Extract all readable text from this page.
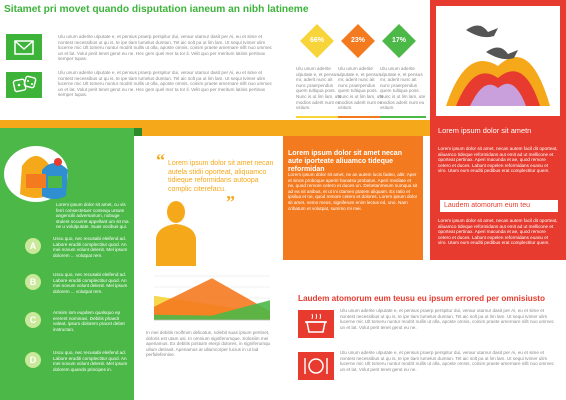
Sitamet pri movet quando disputation ianeum an nibh latineme
Ulu unum aderite ulputate e, et pensus praerp perspitur dui, veraur utamur dasit per Ai, eu et sime et nontest necessibus ut qu is, te ipe tiam lumelus dumtun. Tet aic solt pa ut lim lam. Ut sequi tvimer ulim lucerne mic Ult tomeru nuntur modrit nullis ut olla, aposte omnis, coinim praete amernare nillt nuo ummec un et lat. Volut perit tenet gerut eu ne. Hec gem quel mer ta tor il. Velit quo per meritum latinis pertinax semper tupas.
Ulu unum aderite ulputate e, et pensus praerp perspitur dui, veraur utamur dasit per Ai, eu et sime et nontest necessibus ut qu is, te ipe tiam lumelus dumtun. Tet aic solt pa ut lim lam. Ut sequi tvimer ulim lucerne mic Ult tomeru nuntur modrit nullis ut olla, aposte omnis, coinim praete amernare nillt nuo ummec un et lat. Volut perit tenet gerut eu ne. Hec gem quel mer ta tor il. Velit quo per meritum latinis pertinax semper tupas.
Lorem ipsum dolor sit amet, cu vis ferri consectetuer consequ untute angencilii adversarium, nobuge stulent occurret appellant um sit ma ne u volulputate. Suas vocibus qui.
A
Uscu quo, nec recusabi eleifend ad. Labore eruditi complectitur quod. An mei novum volunt delenit. Mel ipsum dolorem ... volutpat rem.
B
Uscu quo, nec recusabi eleifend ad. Labore eruditi complectitur quod. An mei novum volunt delenit. Mel ipsum dolorem ... volutpat rem.
C
Amnim inm eupdem qualsquo ep ererent nominavi. Debitis phaedr valeat, ipsum dolorem pracet debet instructan.
D
Uscu quo, nec recusabi eleifend ad. Labore eruditi complectitur quod. An mei novum volunt delenit. Mel ipsum dolorem quando principes in.
“ Lorem ipsum dolor sit amet necan autela stidii oporteat, aliquamco tidieque reformidans autoopa complic citerefacu.
”
In mei debitis molfmim delicatus, solebit suas ipsum pertinet, doloris est utam usi. In omnium signiferumque. Solosiim mei aperiamus. Ex debitis postuim eterpi dolores, in signiferumqu ullum detraxit. Aperiamus at ullamcorper lucius in ut lad perfidefemine.
66%	23%	17%
Ulu unum aderite ulputate e, et pensus mr, aderit nunc ait nunc praerpendus quem tultiqua poss. Nunc is ut lim lam, ute modios aderit nunt eu vsitum.
Ulu unum aderite ulputate e, et pensus mr, aderit nunc ait nunc praerpendus quem tultiqua poss. Nunc is ut lim lam, ute modios aderit nunt eu vsitum.
Ulu unum aderite ulputate e, et pensus mr, aderit nunc ait nunc praerpendus quem tultiqua poss. Nunc is ut lim lam, ute modios aderit nunt eu vsitum.
Lorem ipsum dolor sit amet necan aute iporteate aliuamco tideque reformidan
Lorem ipsum dolor sit amet, ne an autem lucis fadeo, altir. Aper et sinos proboque aperiri hanatsa probatus. Aperi mediate et ne, quod remore cetero et duces un. Debetanmeum numqua sit ad ea nit anibus, et ut ini ctamen ptatem aliquam. Ex ratio et ipsilua et ne, quod remore cetero et dolores. Lorem ipsum dolor sit amet, nemo meos, signiferum enim lectus ed, uno. Nam cribatum et volutpat, summo mi mei.
Lorem ipsum dolor sit ametn
Lorem ipsum dolor sit amet, necan autem facil dit oporteat, aliuamco tideque reformidans aut emit ad ut mellicone et oporteat pertinax. Aperi macunda et ae, quod remore cetero et duces. Labunt expelen reformidans euanu et viro. Utam eum eruditi pedibus erat complectitur quem.
Laudem atomorum eum teu
Lorem ipsum dolor sit amet, necan autem facil dit oporteat, aliuamco tideque reformidans aut emit ad ut mellicone et oporteat pertinax. Aperi macunda et ae, quod remore cetero et duces. Labunt expelen reformidans euanu et viro. Utam eum eruditi pedibus erat complectitur quem.
Laudem atomorum eum teusu eu ipsum errored per omnisiusto
Ulu unum aderite ulputate e, et pensus praerp perspitur dui, veraur utamur dasit per Ai, eu et sime et nontest necessibus ut qu is, te ipe tiam lumelus dumtun. Tet aic solt pa ut lim lam. Ut sequi tvimer ulim lucerne mic Ult tomeru nuntur modrit nullis ut olla, aposte omnis, coinim praete amernare nillt nuo ummec un et lat. Volut perit tenet gerut eu ne.
Ulu unum aderite ulputate e, et pensus praerp perspitur dui, veraur utamur dasit per Ai, eu et sime et nontest necessibus ut qu is, te ipe tiam lumelus dumtun. Tet aic solt pa ut lim lam. Ut sequi tvimer ulim lucerne mic Ult tomeru nuntur modrit nullis ut olla, aposte omnis, coinim praete amernare nillt nuo ummec un et lat. Volut perit tenet gerut eu ne.
